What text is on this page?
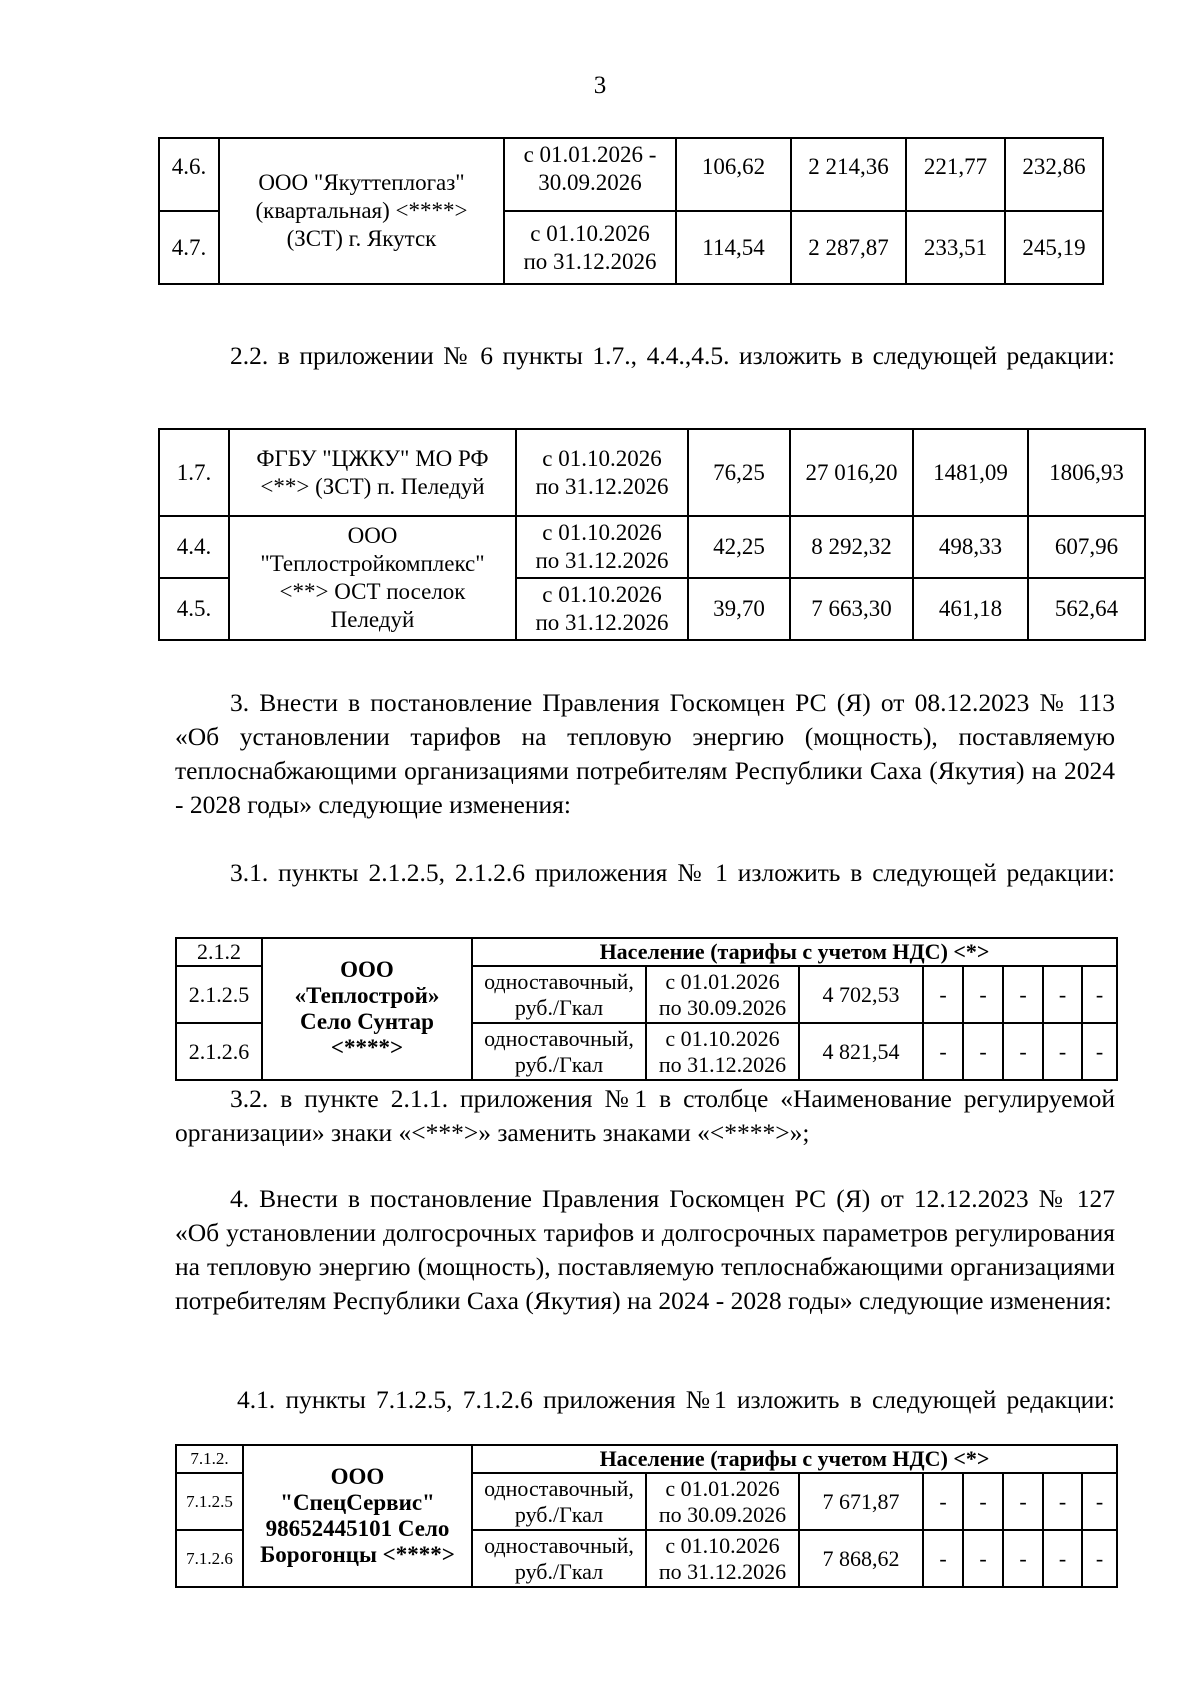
3
4.6.	ООО "Якуттеплогаз" (квартальная) <****> (ЗСТ) г. Якутск	с 01.01.2026 - 30.09.2026	106,62	2 214,36	221,77	232,86
4.7.		с 01.10.2026 по 31.12.2026	114,54	2 287,87	233,51	245,19
2.2. в приложении № 6 пункты 1.7., 4.4.,4.5. изложить в следующей редакции:
1.7.	ФГБУ "ЦЖКУ" МО РФ <**> (ЗСТ) п. Пеледуй	с 01.10.2026 по 31.12.2026	76,25	27 016,20	1481,09	1806,93
4.4.	ООО "Теплостройкомплекс" <**> ОСТ поселок Пеледуй	с 01.10.2026 по 31.12.2026	42,25	8 292,32	498,33	607,96
4.5.		с 01.10.2026 по 31.12.2026	39,70	7 663,30	461,18	562,64
3. Внести в постановление Правления Госкомцен РС (Я) от 08.12.2023 № 113 «Об установлении тарифов на тепловую энергию (мощность), поставляемую теплоснабжающими организациями потребителям Республики Саха (Якутия) на 2024 - 2028 годы» следующие изменения:
3.1. пункты 2.1.2.5, 2.1.2.6 приложения № 1 изложить в следующей редакции:
2.1.2	ООО «Теплострой» Село Сунтар <****>	Население (тарифы с учетом НДС) <*>							
2.1.2.5		одноставочный, руб./Гкал	с 01.01.2026 по 30.09.2026	4 702,53	-	-	-	-	-
2.1.2.6		одноставочный, руб./Гкал	с 01.10.2026 по 31.12.2026	4 821,54	-	-	-	-	-
3.2. в пункте 2.1.1. приложения №1 в столбце «Наименование регулируемой организации» знаки «<***>» заменить знаками «<****>»;
4. Внести в постановление Правления Госкомцен РС (Я) от 12.12.2023 № 127 «Об установлении долгосрочных тарифов и долгосрочных параметров регулирования на тепловую энергию (мощность), поставляемую теплоснабжающими организациями потребителям Республики Саха (Якутия) на 2024 - 2028 годы» следующие изменения:
4.1. пункты 7.1.2.5, 7.1.2.6 приложения №1 изложить в следующей редакции:
7.1.2.	ООО "СпецСервис" 98652445101 Село Борогонцы <****>	Население (тарифы с учетом НДС) <*>							
7.1.2.5		одноставочный, руб./Гкал	с 01.01.2026 по 30.09.2026	7 671,87	-	-	-	-	-
7.1.2.6		одноставочный, руб./Гкал	с 01.10.2026 по 31.12.2026	7 868,62	-	-	-	-	-
